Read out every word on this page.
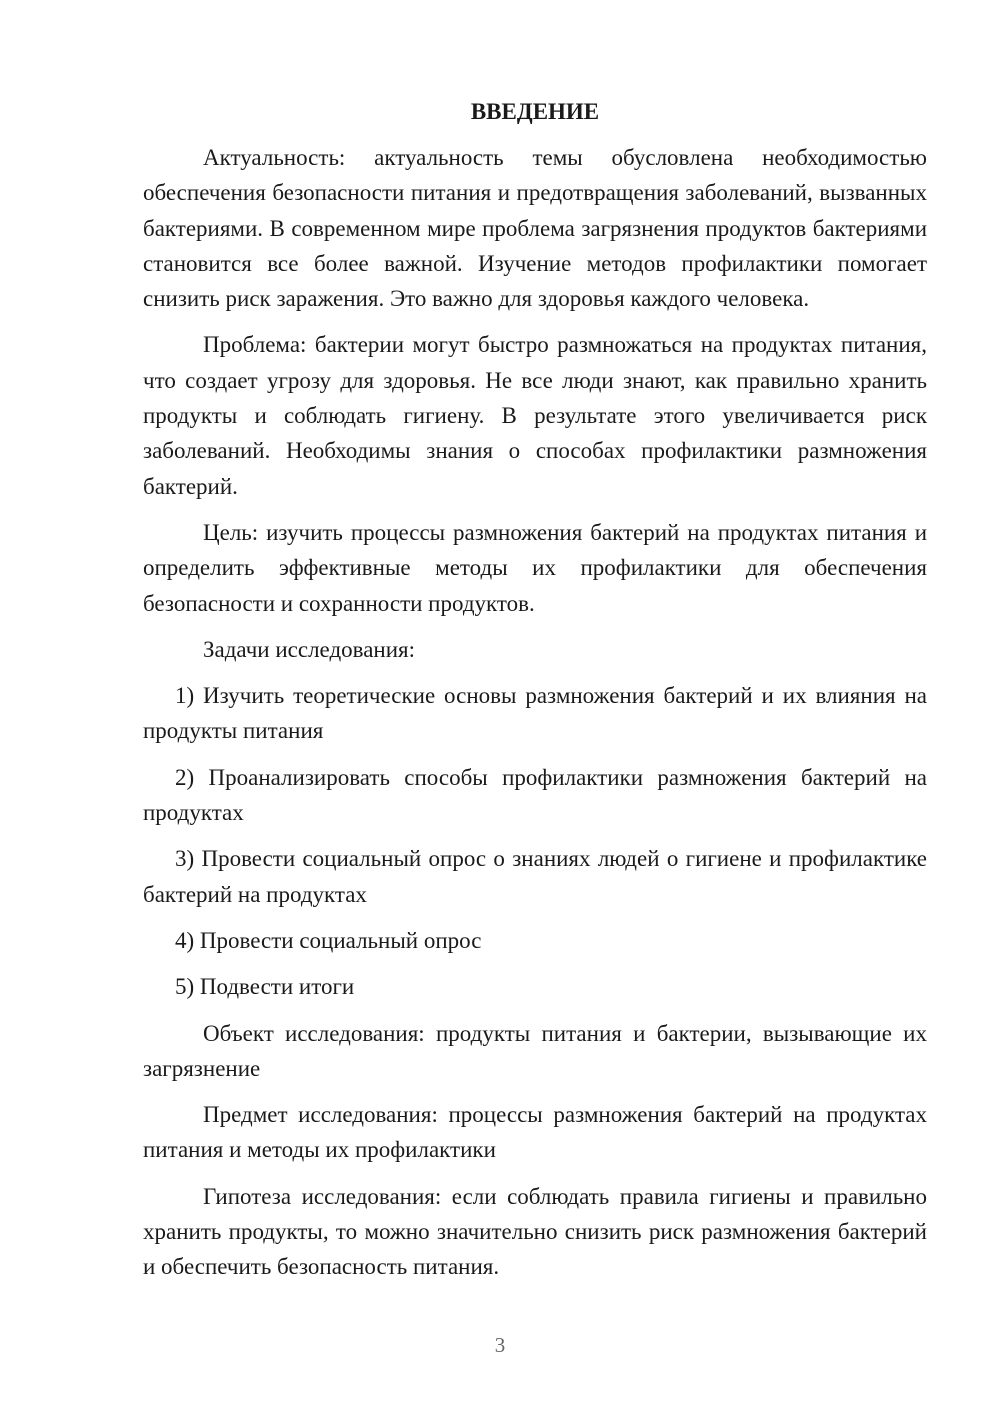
ВВЕДЕНИЕ

Актуальность: актуальность темы обусловлена необходимостью обеспечения безопасности питания и предотвращения заболеваний, вызванных бактериями. В современном мире проблема загрязнения продуктов бактериями становится все более важной. Изучение методов профилактики помогает снизить риск заражения. Это важно для здоровья каждого человека.

Проблема: бактерии могут быстро размножаться на продуктах питания, что создает угрозу для здоровья. Не все люди знают, как правильно хранить продукты и соблюдать гигиену. В результате этого увеличивается риск заболеваний. Необходимы знания о способах профилактики размножения бактерий.

Цель: изучить процессы размножения бактерий на продуктах питания и определить эффективные методы их профилактики для обеспечения безопасности и сохранности продуктов.

Задачи исследования:

1) Изучить теоретические основы размножения бактерий и их влияния на продукты питания

2) Проанализировать способы профилактики размножения бактерий на продуктах

3) Провести социальный опрос о знаниях людей о гигиене и профилактике бактерий на продуктах

4) Провести социальный опрос

5) Подвести итоги

Объект исследования: продукты питания и бактерии, вызывающие их загрязнение

Предмет исследования: процессы размножения бактерий на продуктах питания и методы их профилактики

Гипотеза исследования: если соблюдать правила гигиены и правильно хранить продукты, то можно значительно снизить риск размножения бактерий и обеспечить безопасность питания.

3
